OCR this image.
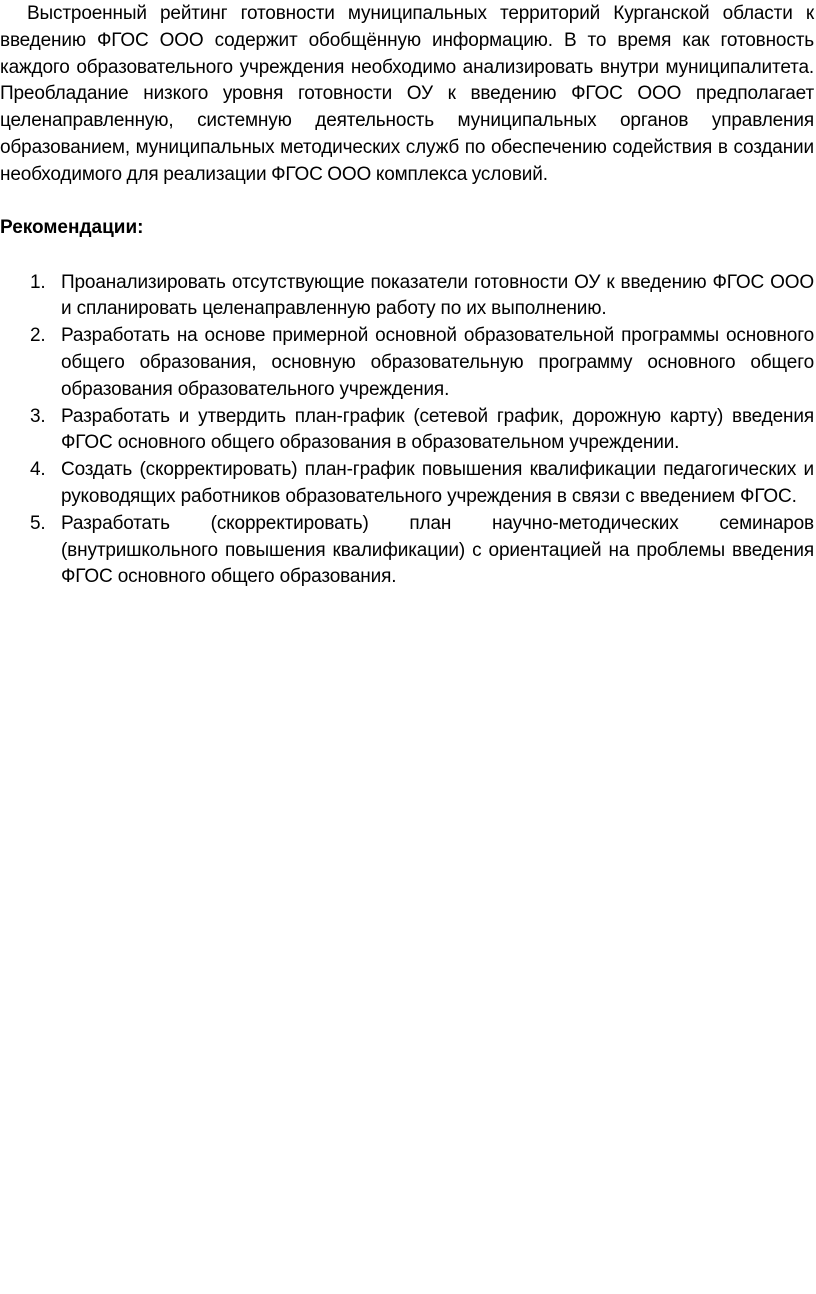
Выстроенный рейтинг готовности муниципальных территорий Курганской области к введению ФГОС ООО содержит обобщённую информацию. В то время как готовность каждого образовательного учреждения необходимо анализировать внутри муниципалитета. Преобладание низкого уровня готовности ОУ к введению ФГОС ООО предполагает целенаправленную, системную деятельность муниципальных органов управления образованием, муниципальных методических служб по обеспечению содействия в создании необходимого для реализации ФГОС ООО комплекса условий.

Рекомендации:

1. Проанализировать отсутствующие показатели готовности ОУ к введению ФГОС ООО и спланировать целенаправленную работу по их выполнению.
2. Разработать на основе примерной основной образовательной программы основного общего образования, основную образовательную программу основного общего образования образовательного учреждения.
3. Разработать и утвердить план-график (сетевой график, дорожную карту) введения ФГОС основного общего образования в образовательном учреждении.
4. Создать (скорректировать) план-график повышения квалификации педагогических и руководящих работников образовательного учреждения в связи с введением ФГОС.
5. Разработать (скорректировать) план научно-методических семинаров (внутришкольного повышения квалификации) с ориентацией на проблемы введения ФГОС основного общего образования.
